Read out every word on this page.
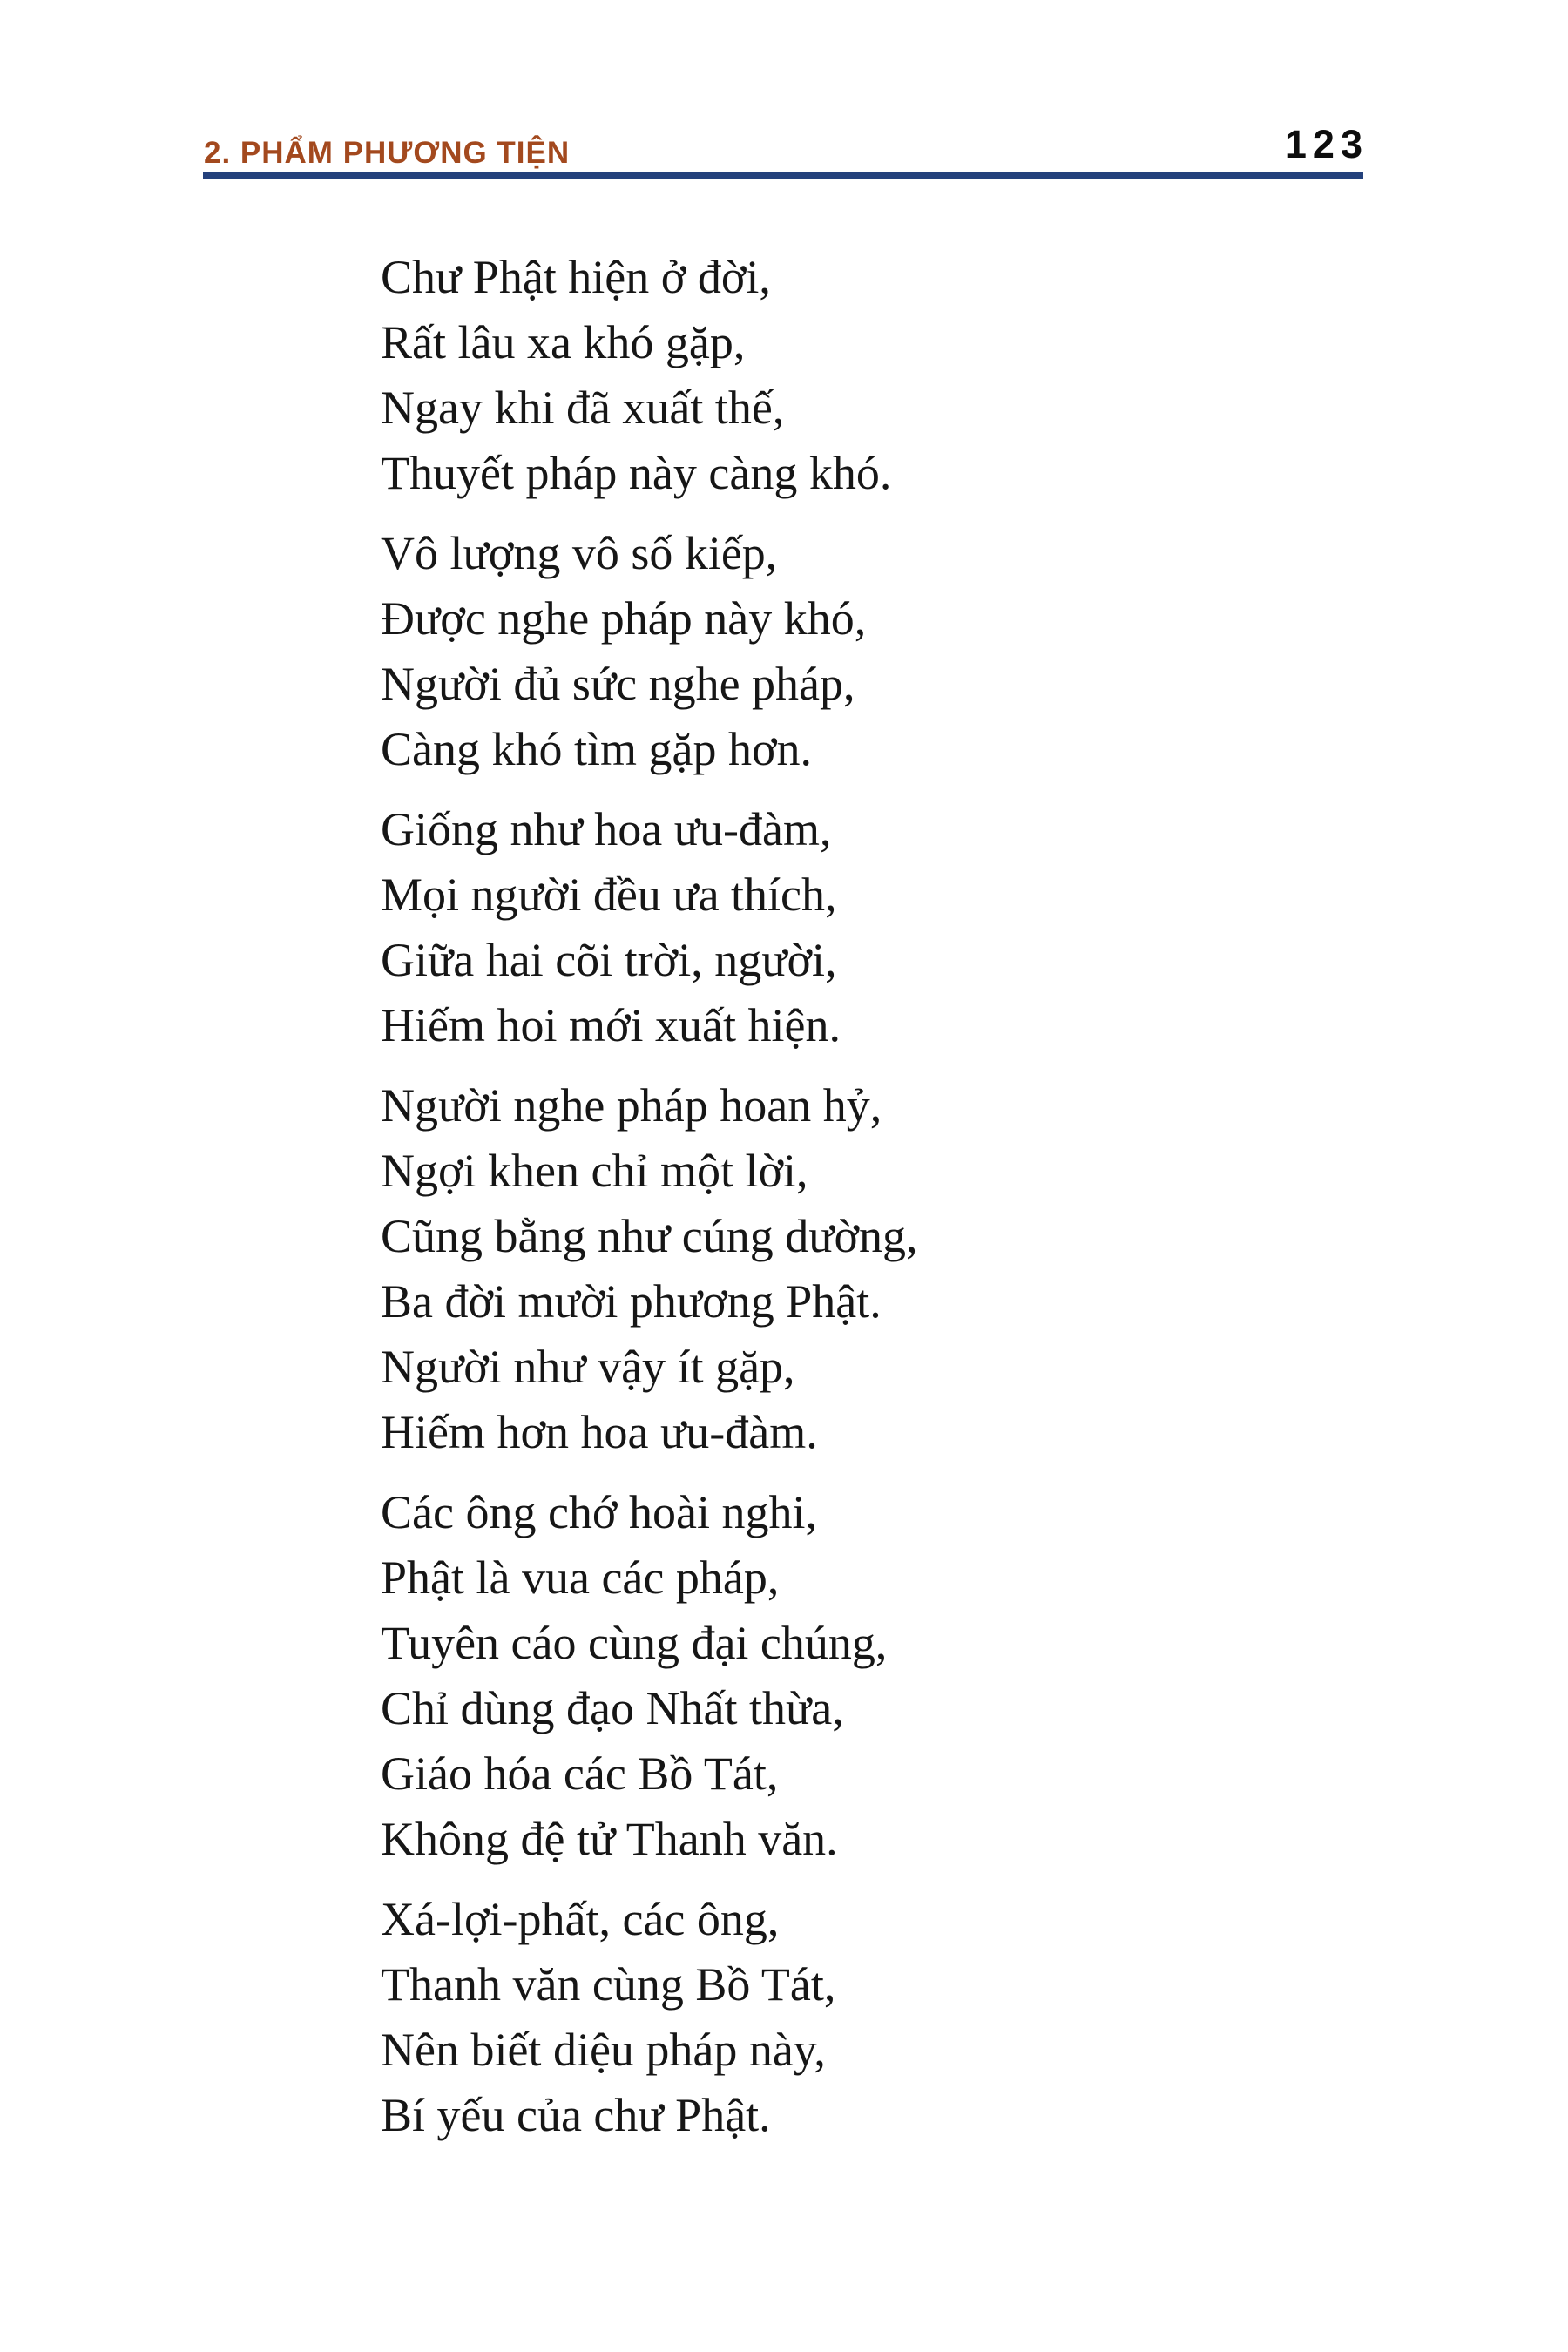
2. PHẨM PHƯƠNG TIỆN	123

Chư Phật hiện ở đời,

Rất lâu xa khó gặp,

Ngay khi đã xuất thế,

Thuyết pháp này càng khó.

Vô lượng vô số kiếp,

Được nghe pháp này khó,

Người đủ sức nghe pháp,

Càng khó tìm gặp hơn.

Giống như hoa ưu-đàm,

Mọi người đều ưa thích,

Giữa hai cõi trời, người,

Hiếm hoi mới xuất hiện.

Người nghe pháp hoan hỷ,

Ngợi khen chỉ một lời,

Cũng bằng như cúng dường,

Ba đời mười phương Phật.

Người như vậy ít gặp,

Hiếm hơn hoa ưu-đàm.

Các ông chớ hoài nghi,

Phật là vua các pháp,

Tuyên cáo cùng đại chúng,

Chỉ dùng đạo Nhất thừa,

Giáo hóa các Bồ Tát,

Không đệ tử Thanh văn.

Xá-lợi-phất, các ông,

Thanh văn cùng Bồ Tát,

Nên biết diệu pháp này,

Bí yếu của chư Phật.
